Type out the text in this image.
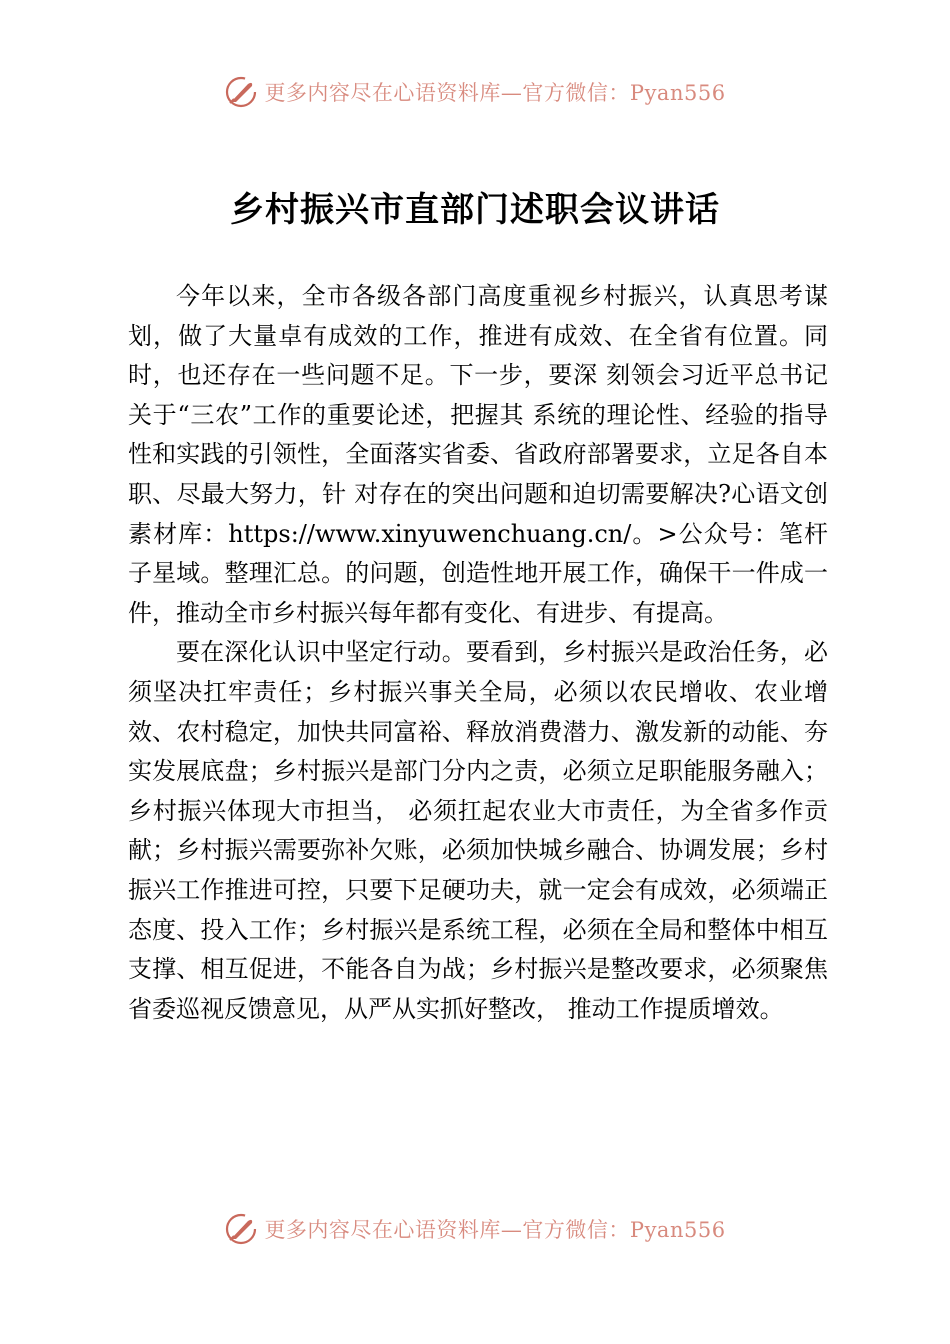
更多内容尽在心语资料库—官方微信：Pyan556
乡村振兴市直部门述职会议讲话

今年以来，全市各级各部门高度重视乡村振兴，认真思考谋划，做了大量卓有成效的工作，推进有成效、在全省有位置。同时，也还存在一些问题不足。下一步，要深 刻领会习近平总书记关于“三农”工作的重要论述，把握其 系统的理论性、经验的指导性和实践的引领性，全面落实省委、省政府部署要求，立足各自本职、尽最大努力，针 对存在的突出问题和迫切需要解决?心语文创素材库：https://www.xinyuwenchuang.cn/。>公众号：笔杆子星域。整理汇总。的问题，创造性地开展工作，确保干一件成一件，推动全市乡村振兴每年都有变化、有进步、有提高。

要在深化认识中坚定行动。要看到，乡村振兴是政治任务，必须坚决扛牢责任；乡村振兴事关全局，必须以农民增收、农业增效、农村稳定，加快共同富裕、释放消费潜力、激发新的动能、夯实发展底盘；乡村振兴是部门分内之责，必须立足职能服务融入；乡村振兴体现大市担当， 必须扛起农业大市责任，为全省多作贡献；乡村振兴需要弥补欠账，必须加快城乡融合、协调发展；乡村振兴工作推进可控，只要下足硬功夫，就一定会有成效，必须端正态度、投入工作；乡村振兴是系统工程，必须在全局和整体中相互支撑、相互促进，不能各自为战；乡村振兴是整改要求，必须聚焦省委巡视反馈意见，从严从实抓好整改， 推动工作提质增效。

更多内容尽在心语资料库—官方微信：Pyan556
